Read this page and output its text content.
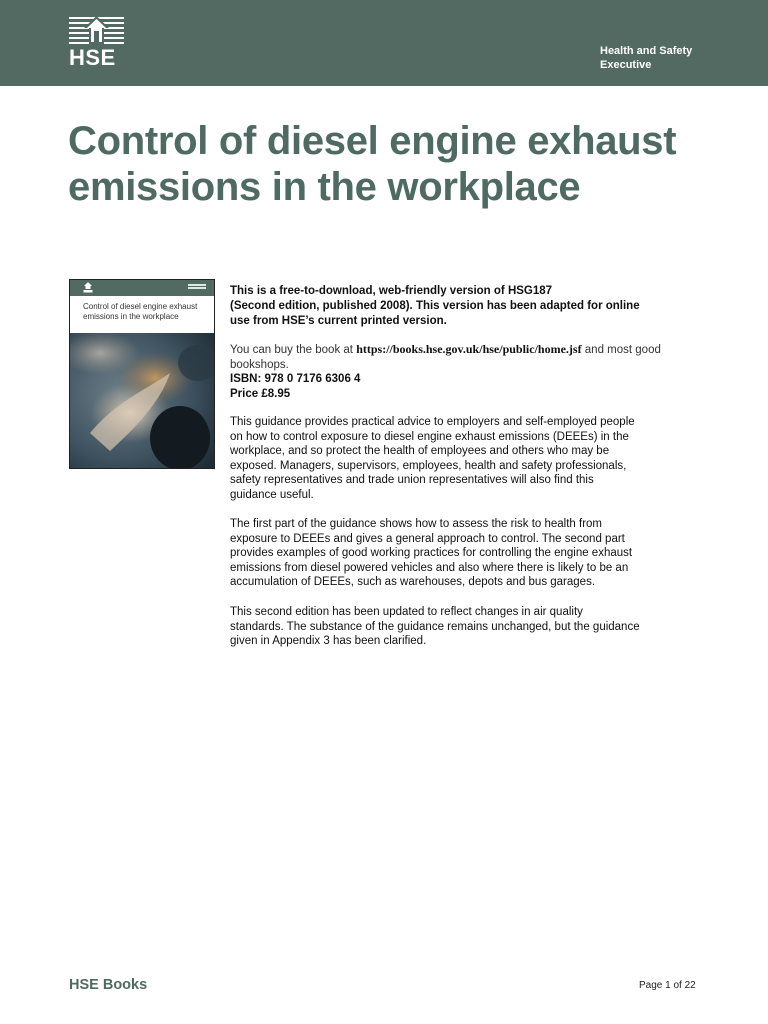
HSE	Health and Safety
Executive
Control of diesel engine exhaust
emissions in the workplace
Control of diesel engine exhaust
emissions in the workplace
This is a free-to-download, web-friendly version of HSG187
(Second edition, published 2008). This version has been adapted for online
use from HSE’s current printed version.
You can buy the book at https://books.hse.gov.uk/hse/public/home.jsf and most good
bookshops.
ISBN: 978 0 7176 6306 4
Price £8.95
This guidance provides practical advice to employers and self-employed people
on how to control exposure to diesel engine exhaust emissions (DEEEs) in the
workplace, and so protect the health of employees and others who may be
exposed. Managers, supervisors, employees, health and safety professionals,
safety representatives and trade union representatives will also find this
guidance useful.
The first part of the guidance shows how to assess the risk to health from
exposure to DEEEs and gives a general approach to control. The second part
provides examples of good working practices for controlling the engine exhaust
emissions from diesel powered vehicles and also where there is likely to be an
accumulation of DEEEs, such as warehouses, depots and bus garages.
This second edition has been updated to reflect changes in air quality
standards. The substance of the guidance remains unchanged, but the guidance
given in Appendix 3 has been clarified.
HSE Books	Page 1 of 22
